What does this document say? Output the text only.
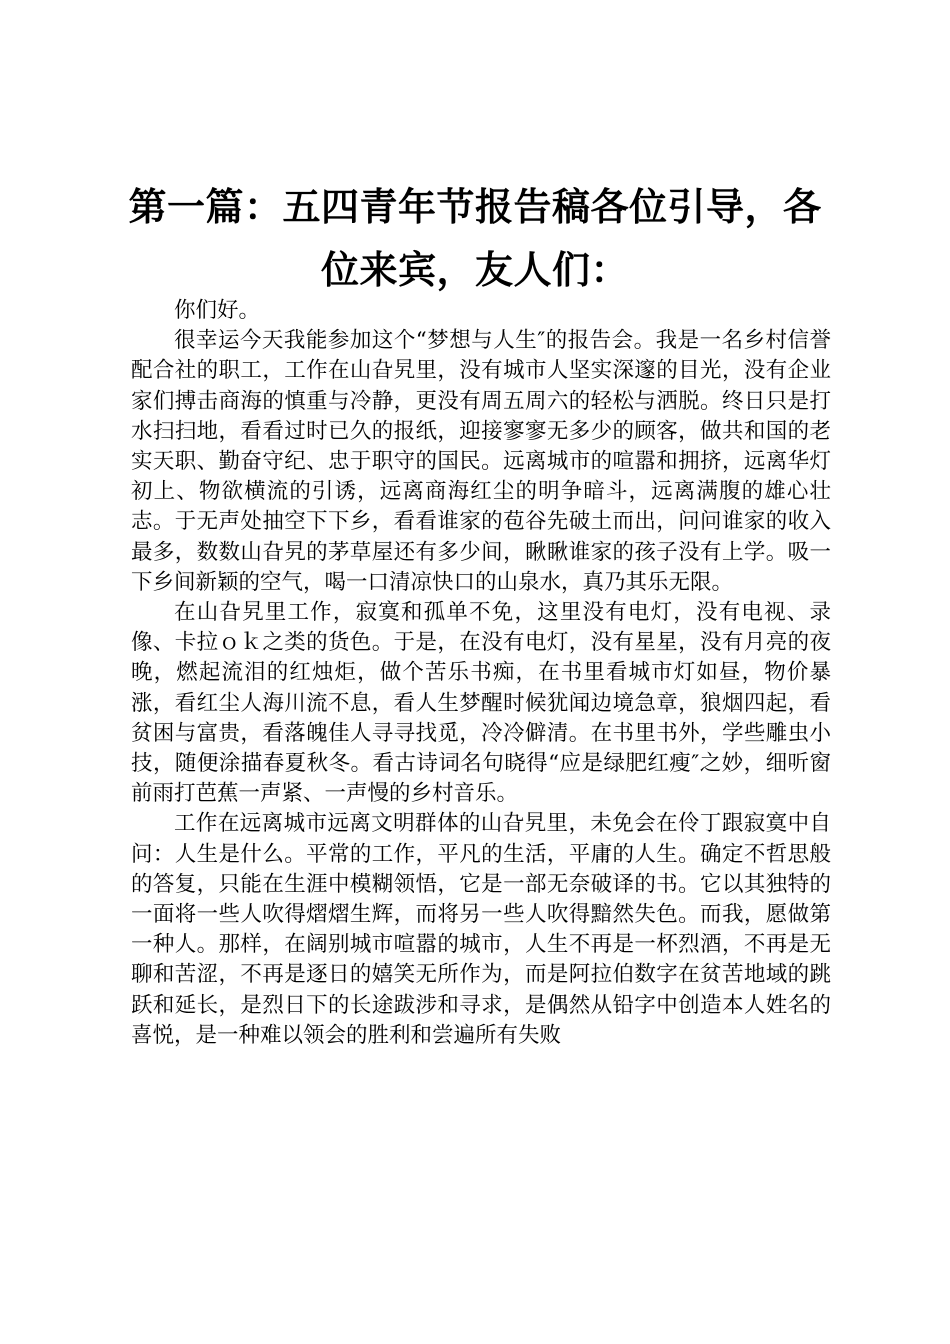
第一篇：五四青年节报告稿各位引导，各位来宾，友人们：

你们好。

很幸运今天我能参加这个“梦想与人生″的报告会。我是一名乡村信誉配合社的职工，工作在山旮旯里，没有城市人坚实深邃的目光，没有企业家们搏击商海的慎重与冷静，更没有周五周六的轻松与洒脱。终日只是打水扫扫地，看看过时已久的报纸，迎接寥寥无多少的顾客，做共和国的老实天职、勤奋守纪、忠于职守的国民。远离城市的喧嚣和拥挤，远离华灯初上、物欲横流的引诱，远离商海红尘的明争暗斗，远离满腹的雄心壮志。于无声处抽空下下乡，看看谁家的苞谷先破土而出，问问谁家的收入最多，数数山旮旯的茅草屋还有多少间，瞅瞅谁家的孩子没有上学。吸一下乡间新颖的空气，喝一口清凉快口的山泉水，真乃其乐无限。

在山旮旯里工作，寂寞和孤单不免，这里没有电灯，没有电视、录像、卡拉ｏｋ之类的货色。于是，在没有电灯，没有星星，没有月亮的夜晚，燃起流泪的红烛炬，做个苦乐书痴，在书里看城市灯如昼，物价暴涨，看红尘人海川流不息，看人生梦醒时候犹闻边境急章，狼烟四起，看贫困与富贵，看落魄佳人寻寻找觅，冷冷僻清。在书里书外，学些雕虫小技，随便涂描春夏秋冬。看古诗词名句晓得“应是绿肥红瘦″之妙，细听窗前雨打芭蕉一声紧、一声慢的乡村音乐。

工作在远离城市远离文明群体的山旮旯里，未免会在伶丁跟寂寞中自问：人生是什么。平常的工作，平凡的生活，平庸的人生。确定不哲思般的答复，只能在生涯中模糊领悟，它是一部无奈破译的书。它以其独特的一面将一些人吹得熠熠生辉，而将另一些人吹得黯然失色。而我，愿做第一种人。那样，在阔别城市喧嚣的城市，人生不再是一杯烈酒，不再是无聊和苦涩，不再是逐日的嬉笑无所作为，而是阿拉伯数字在贫苦地域的跳跃和延长，是烈日下的长途跋涉和寻求，是偶然从铅字中创造本人姓名的喜悦，是一种难以领会的胜利和尝遍所有失败
